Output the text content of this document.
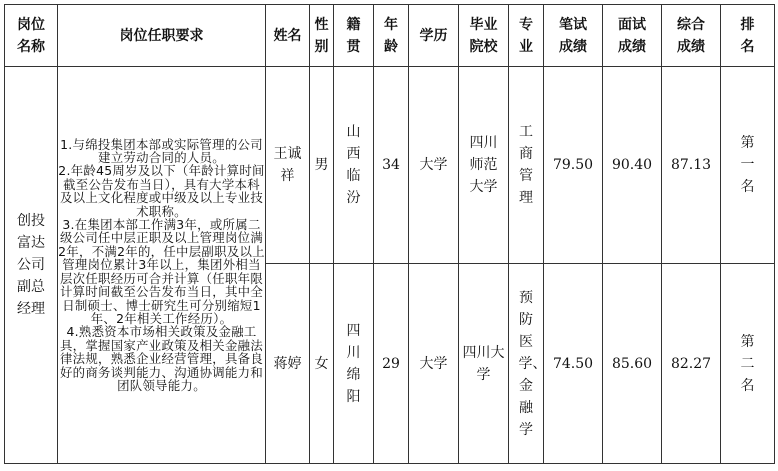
岗位名称	岗位任职要求	姓名	性别	籍贯	年龄	学历	毕业院校	专业	笔试成绩	面试成绩	综合成绩	排名

创投富达公司副总经理	1.与绵投集团本部或实际管理的公司建立劳动合同的人员。

2.年龄45周岁及以下（年龄计算时间截至公告发布当日），具有大学本科及以上文化程度或中级及以上专业技术职称。

3.在集团本部工作满3年，或所属二级公司任中层正职及以上管理岗位满2年，不满2年的，任中层副职及以上管理岗位累计3年以上，集团外相当层次任职经历可合并计算（任职年限计算时间截至公告发布当日，其中全日制硕士、博士研究生可分别缩短1年、2年相关工作经历）。

4.熟悉资本市场相关政策及金融工具，掌握国家产业政策及相关金融法律法规，熟悉企业经营管理，具备良好的商务谈判能力、沟通协调能力和团队领导能力。	王诚祥	男	山西临汾	34	大学	四川师范大学	工商管理	79.50	90.40	87.13	第一名

		蒋婷	女	四川绵阳	29	大学	四川大学	预防医学、金融学	74.50	85.60	82.27	第二名
